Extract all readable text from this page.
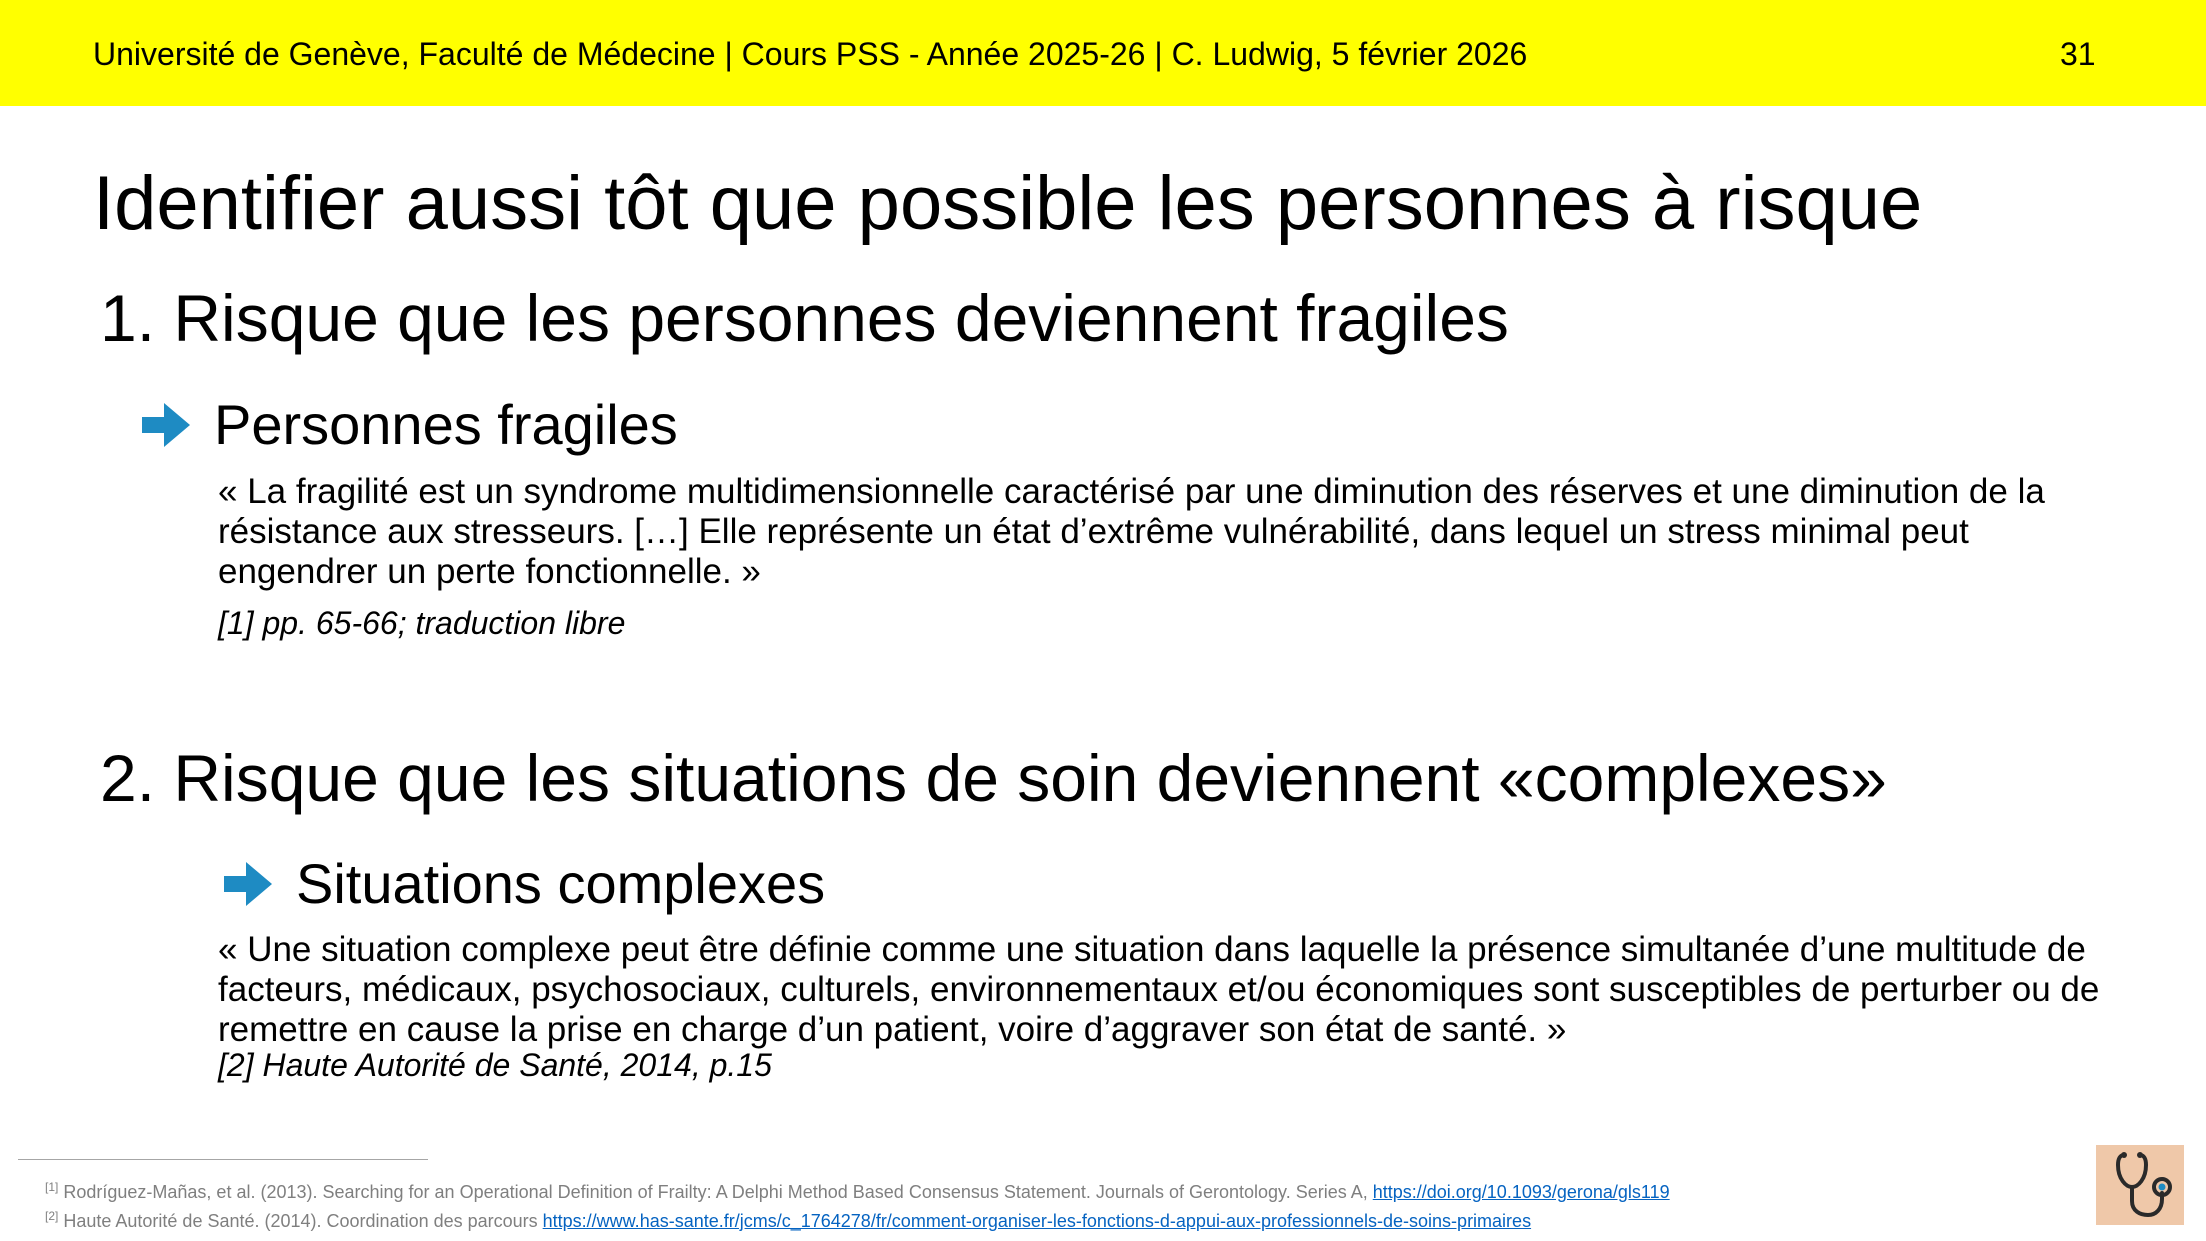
Université de Genève, Faculté de Médecine | Cours PSS - Année 2025-26 | C. Ludwig, 5 février 2026	31
Identifier aussi tôt que possible les personnes à risque
1. Risque que les personnes deviennent fragiles
Personnes fragiles
« La fragilité est un syndrome multidimensionnelle caractérisé par une diminution des réserves et une diminution de la résistance aux stresseurs. […] Elle représente un état d’extrême vulnérabilité, dans lequel un stress minimal peut engendrer un perte fonctionnelle. »
[1] pp. 65-66; traduction libre
2. Risque que les situations de soin deviennent «complexes»
Situations complexes
« Une situation complexe peut être définie comme une situation dans laquelle la présence simultanée d’une multitude de facteurs, médicaux, psychosociaux, culturels, environnementaux et/ou économiques sont susceptibles de perturber ou de remettre en cause la prise en charge d’un patient, voire d’aggraver son état de santé. »
[2] Haute Autorité de Santé, 2014, p.15
[1] Rodríguez-Mañas, et al. (2013). Searching for an Operational Definition of Frailty: A Delphi Method Based Consensus Statement. Journals of Gerontology. Series A, https://doi.org/10.1093/gerona/gls119
[2] Haute Autorité de Santé. (2014). Coordination des parcours https://www.has-sante.fr/jcms/c_1764278/fr/comment-organiser-les-fonctions-d-appui-aux-professionnels-de-soins-primaires
